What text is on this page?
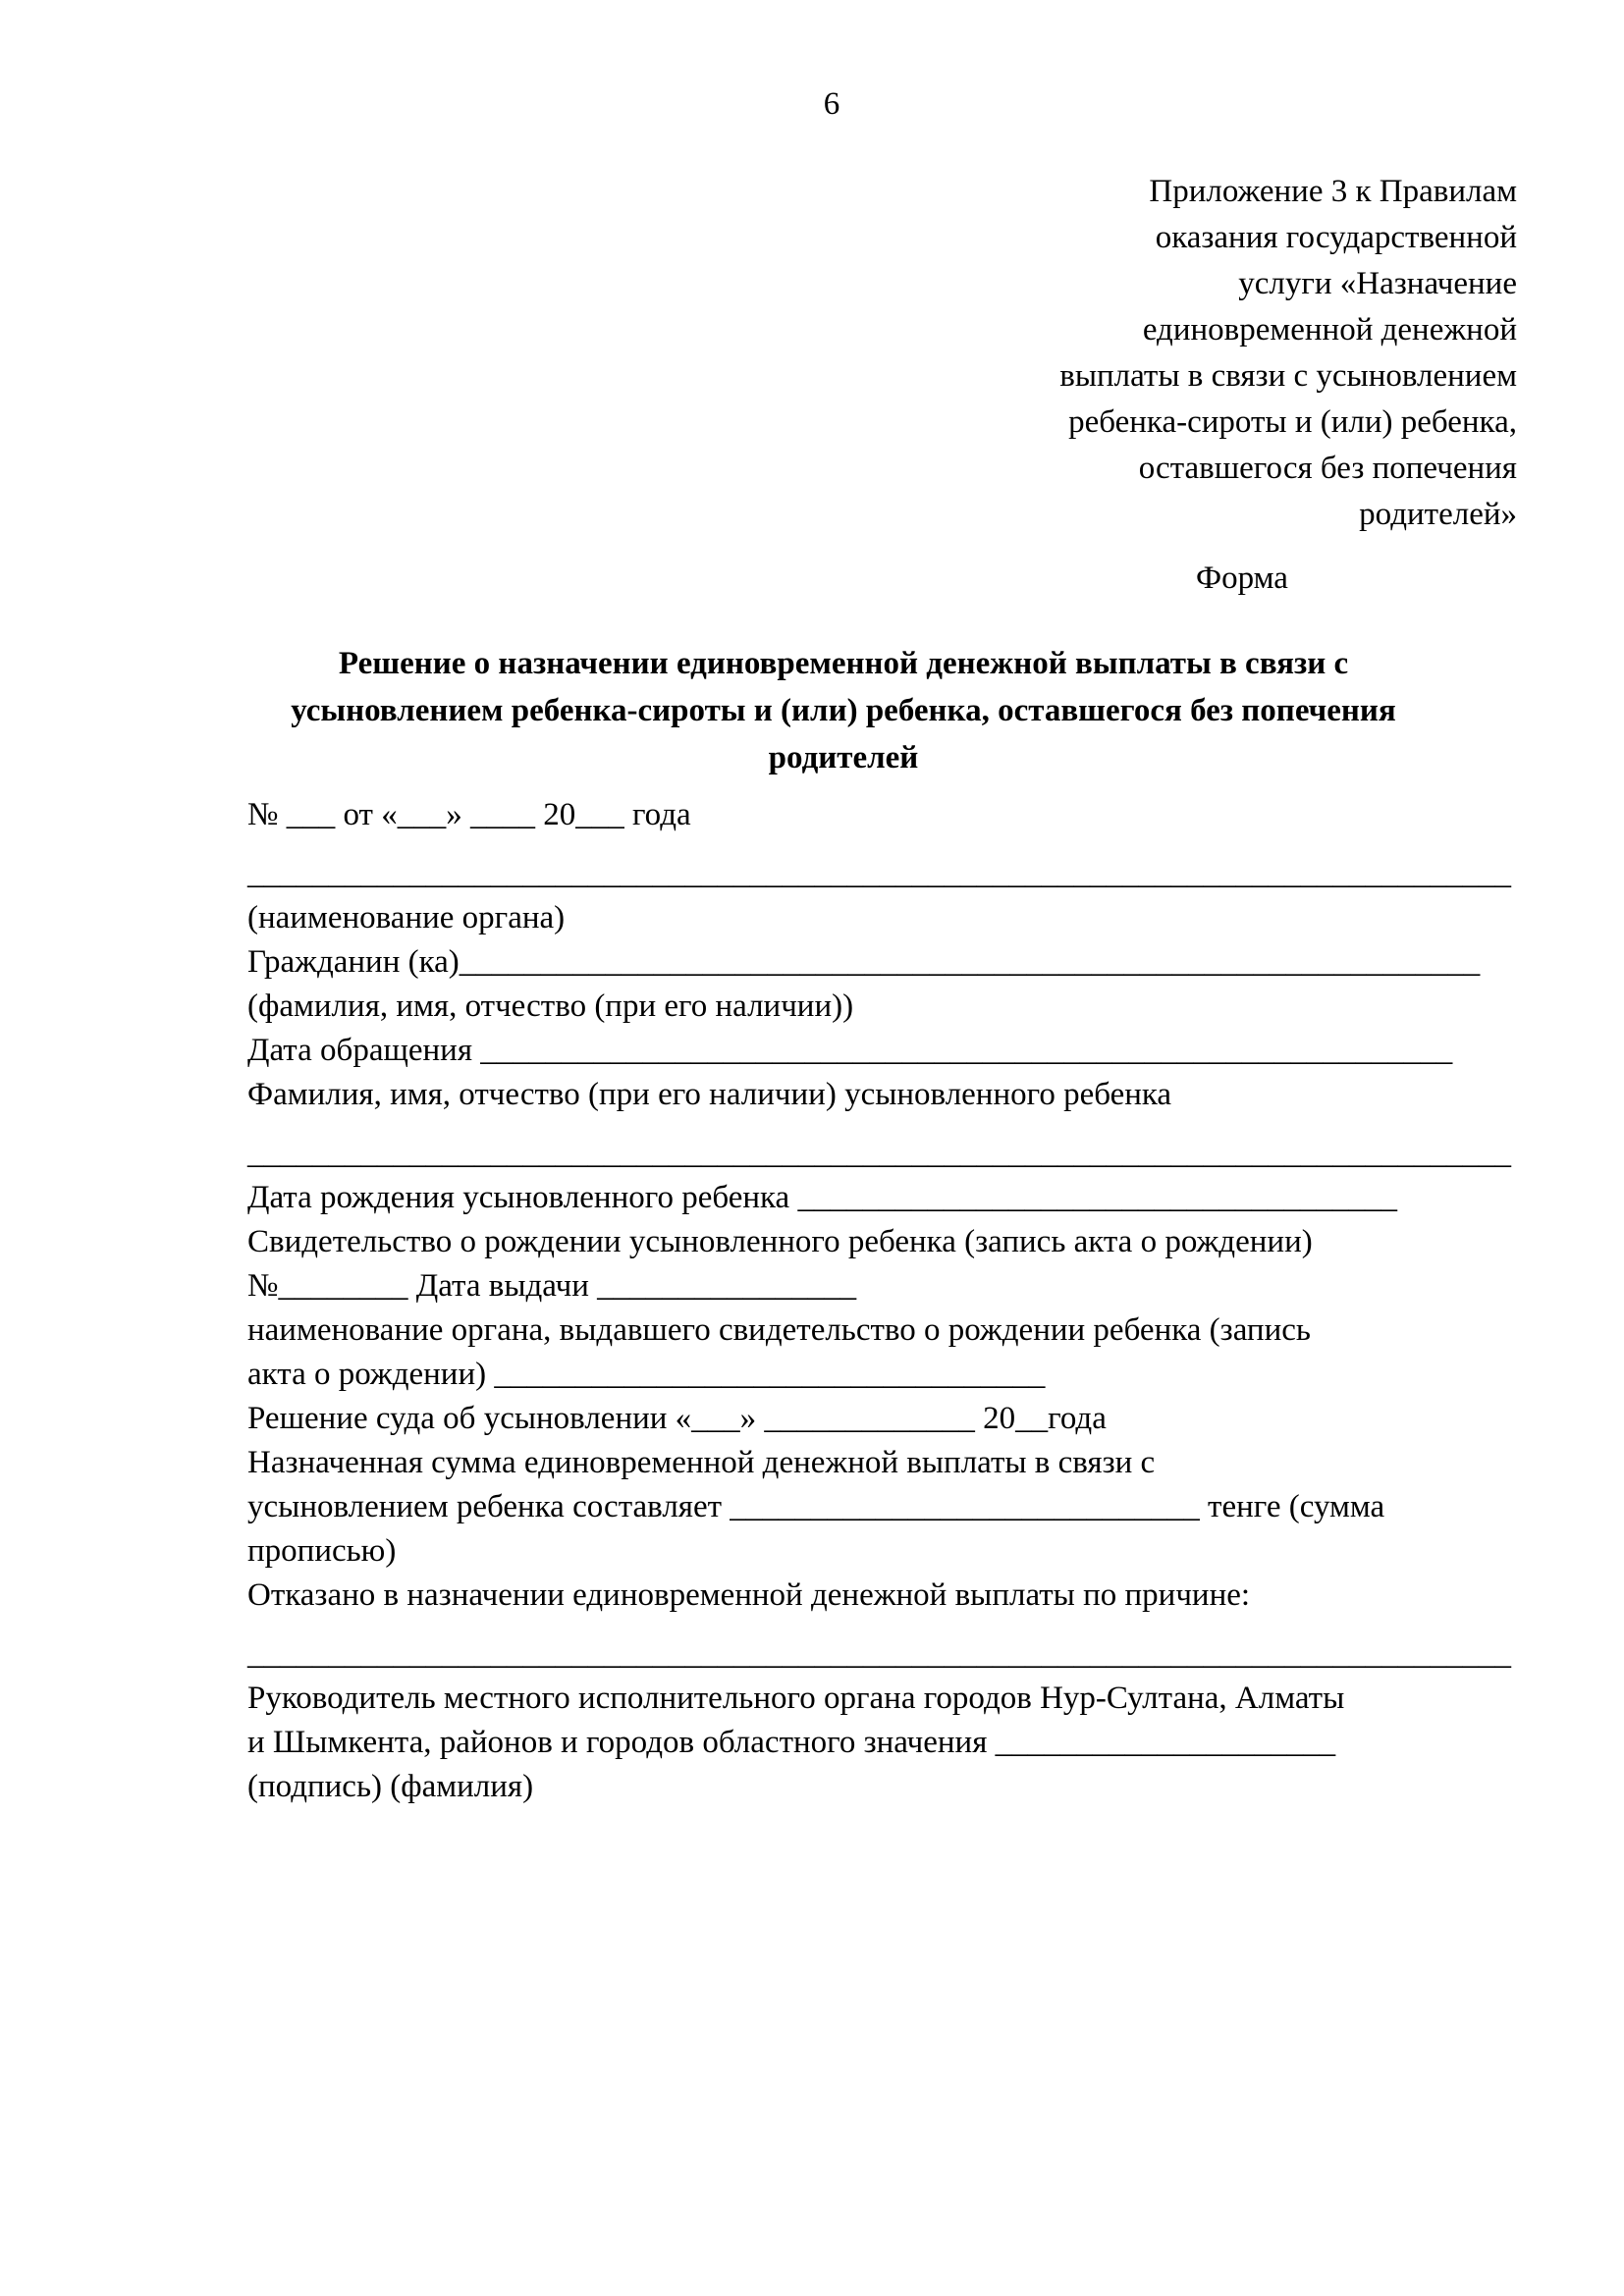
6
Приложение 3 к Правилам
оказания государственной
услуги «Назначение
единовременной денежной
выплаты в связи с усыновлением
ребенка-сироты и (или) ребенка,
оставшегося без попечения
родителей»
Форма
Решение о назначении единовременной денежной выплаты в связи с
усыновлением ребенка-сироты и (или) ребенка, оставшегося без попечения
родителей
№ ___ от «___» ____ 20___ года
______________________________________________________________________________
(наименование органа)
Гражданин (ка)_______________________________________________________________
(фамилия, имя, отчество (при его наличии))
Дата обращения ____________________________________________________________
Фамилия, имя, отчество (при его наличии) усыновленного ребенка
______________________________________________________________________________
Дата рождения усыновленного ребенка _____________________________________
Свидетельство о рождении усыновленного ребенка (запись акта о рождении)
№________ Дата выдачи ________________
наименование органа, выдавшего свидетельство о рождении ребенка (запись
акта о рождении) __________________________________
Решение суда об усыновлении «___» _____________ 20__года
Назначенная сумма единовременной денежной выплаты в связи с
усыновлением ребенка составляет _____________________________ тенге (сумма
прописью)
Отказано в назначении единовременной денежной выплаты по причине:
______________________________________________________________________________
Руководитель местного исполнительного органа городов Нур-Султана, Алматы
и Шымкента, районов и городов областного значения _____________________
(подпись) (фамилия)
